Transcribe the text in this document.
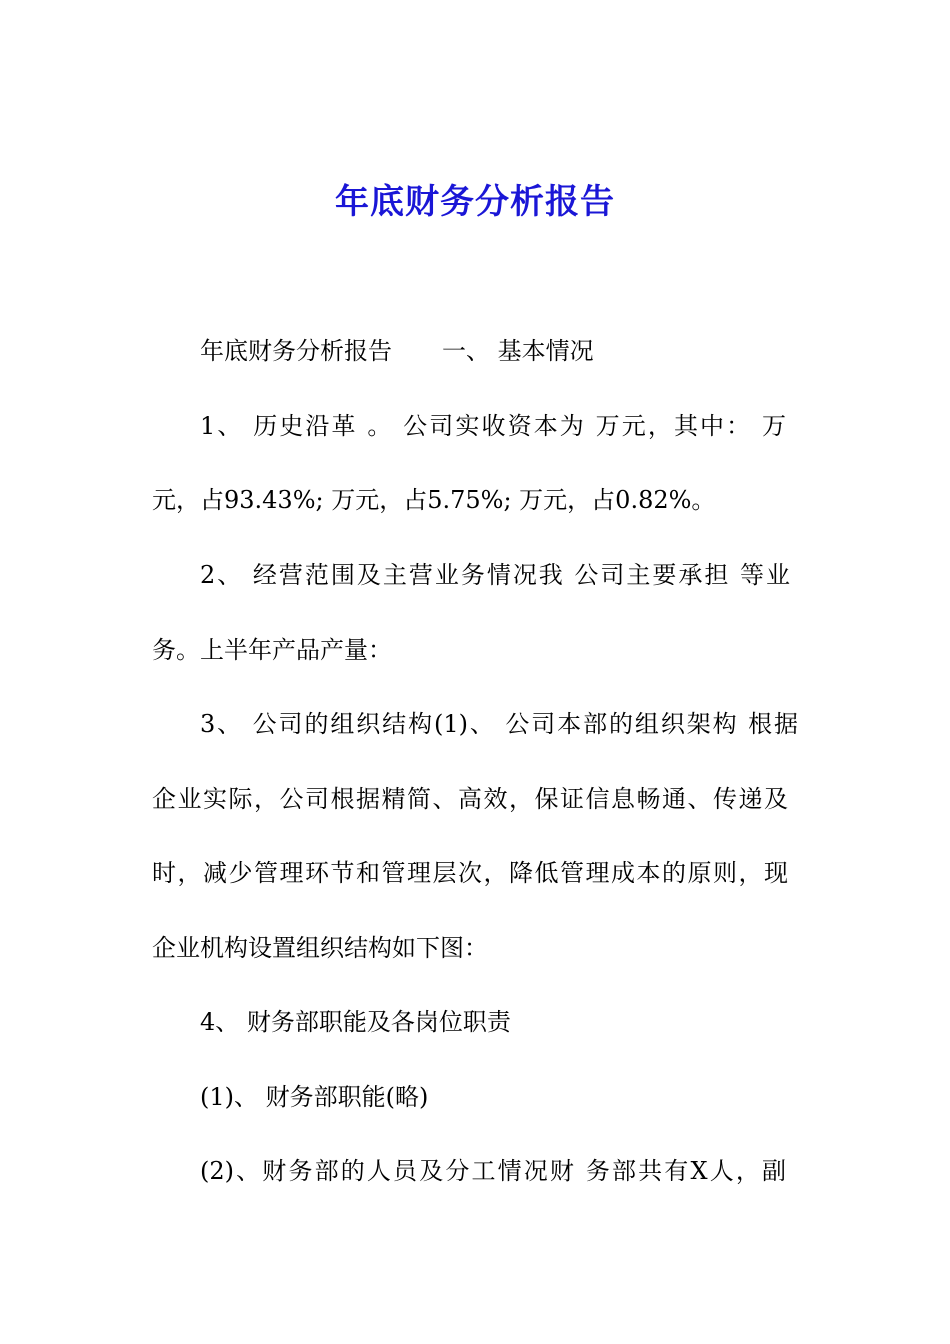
年底财务分析报告
年底财务分析报告 一、 基本情况
1、 历史沿革 。 公司实收资本为 万元，其中： 万
元，占93.43%; 万元，占5.75%; 万元，占0.82%。
2、 经营范围及主营业务情况我 公司主要承担 等业
务。上半年产品产量：
3、 公司的组织结构(1)、 公司本部的组织架构 根据
企业实际，公司根据精简、高效，保证信息畅通、传递及
时，减少管理环节和管理层次，降低管理成本的原则，现
企业机构设置组织结构如下图：
4、 财务部职能及各岗位职责
(1)、 财务部职能(略)
(2)、财务部的人员及分工情况财 务部共有X人，副
